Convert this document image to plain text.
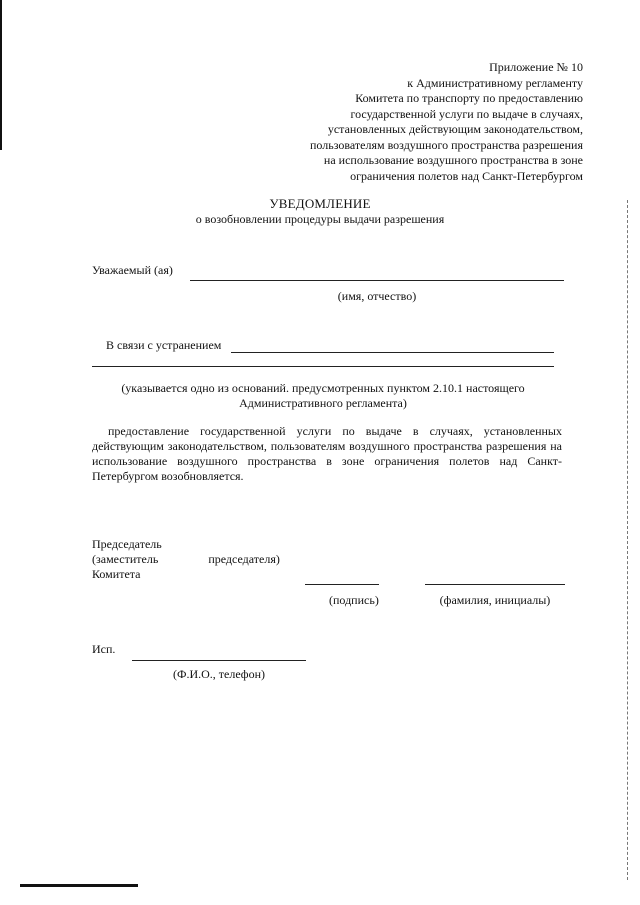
Приложение № 10
к Административному регламенту
Комитета по транспорту по предоставлению
государственной услуги по выдаче в случаях,
установленных действующим законодательством,
пользователям воздушного пространства разрешения
на использование воздушного пространства в зоне
ограничения полетов над Санкт-Петербургом
УВЕДОМЛЕНИЕ
о возобновлении процедуры выдачи разрешения
Уважаемый (ая)
(имя, отчество)
В связи с устранением
(указывается одно из оснований. предусмотренных пунктом 2.10.1 настоящего
Административного регламента)
предоставление государственной услуги по выдаче в случаях, установленных действующим законодательством, пользователям воздушного пространства разрешения на использование воздушного пространства в зоне ограничения полетов над Санкт-Петербургом возобновляется.
Председатель
(заместитель	председателя)
Комитета
(подпись)	(фамилия, инициалы)
Исп.
(Ф.И.О., телефон)
